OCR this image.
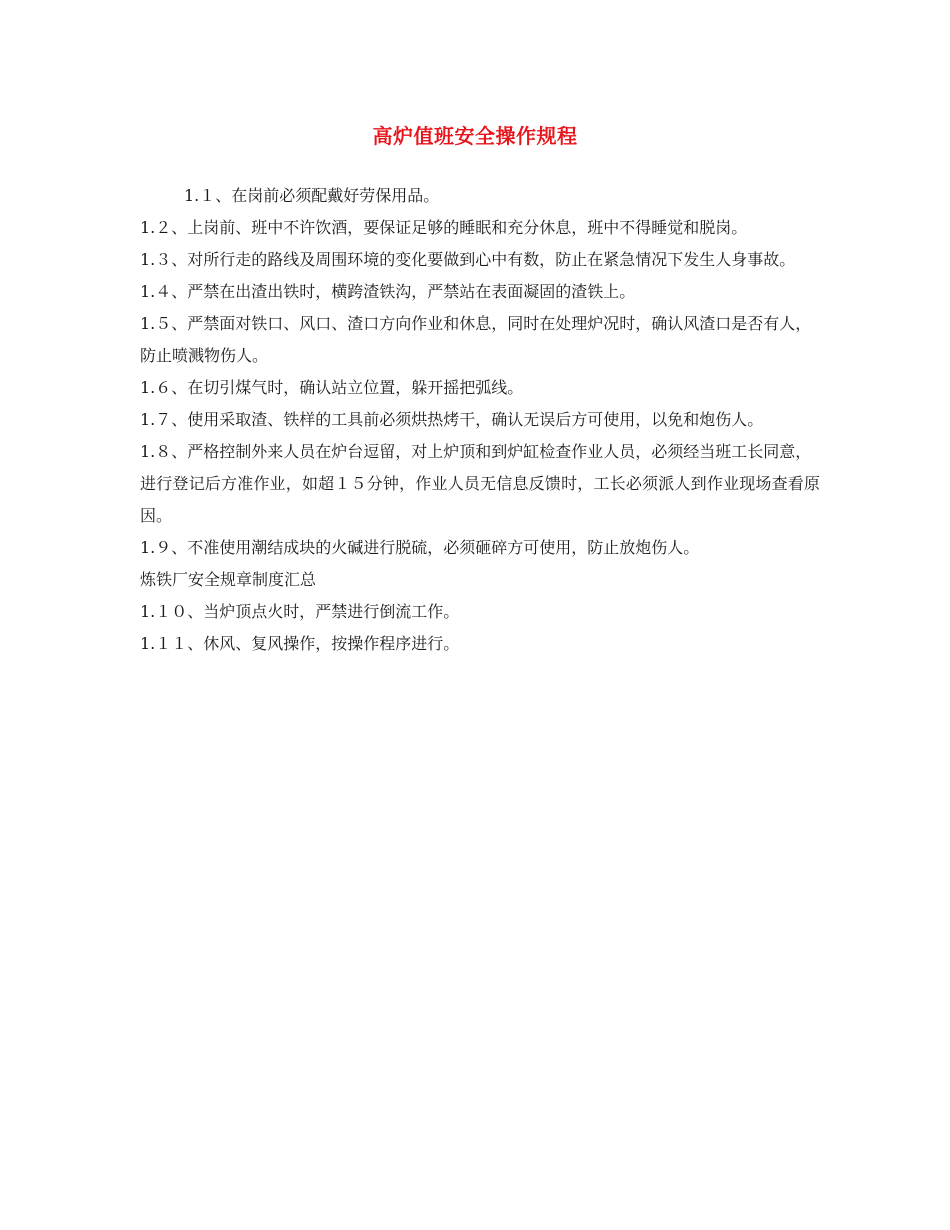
高炉值班安全操作规程

1.１、在岗前必须配戴好劳保用品。

1.２、上岗前、班中不许饮酒，要保证足够的睡眠和充分休息，班中不得睡觉和脱岗。

1.３、对所行走的路线及周围环境的变化要做到心中有数，防止在紧急情况下发生人身事故。

1.４、严禁在出渣出铁时，横跨渣铁沟，严禁站在表面凝固的渣铁上。

1.５、严禁面对铁口、风口、渣口方向作业和休息，同时在处理炉况时，确认风渣口是否有人，

防止喷溅物伤人。

1.６、在切引煤气时，确认站立位置，躲开摇把弧线。

1.７、使用采取渣、铁样的工具前必须烘热烤干，确认无误后方可使用，以免和炮伤人。

1.８、严格控制外来人员在炉台逗留，对上炉顶和到炉缸检查作业人员，必须经当班工长同意，

进行登记后方准作业，如超１５分钟，作业人员无信息反馈时，工长必须派人到作业现场查看原因。

1.９、不准使用潮结成块的火碱进行脱硫，必须砸碎方可使用，防止放炮伤人。

炼铁厂安全规章制度汇总

1.１０、当炉顶点火时，严禁进行倒流工作。

1.１１、休风、复风操作，按操作程序进行。
